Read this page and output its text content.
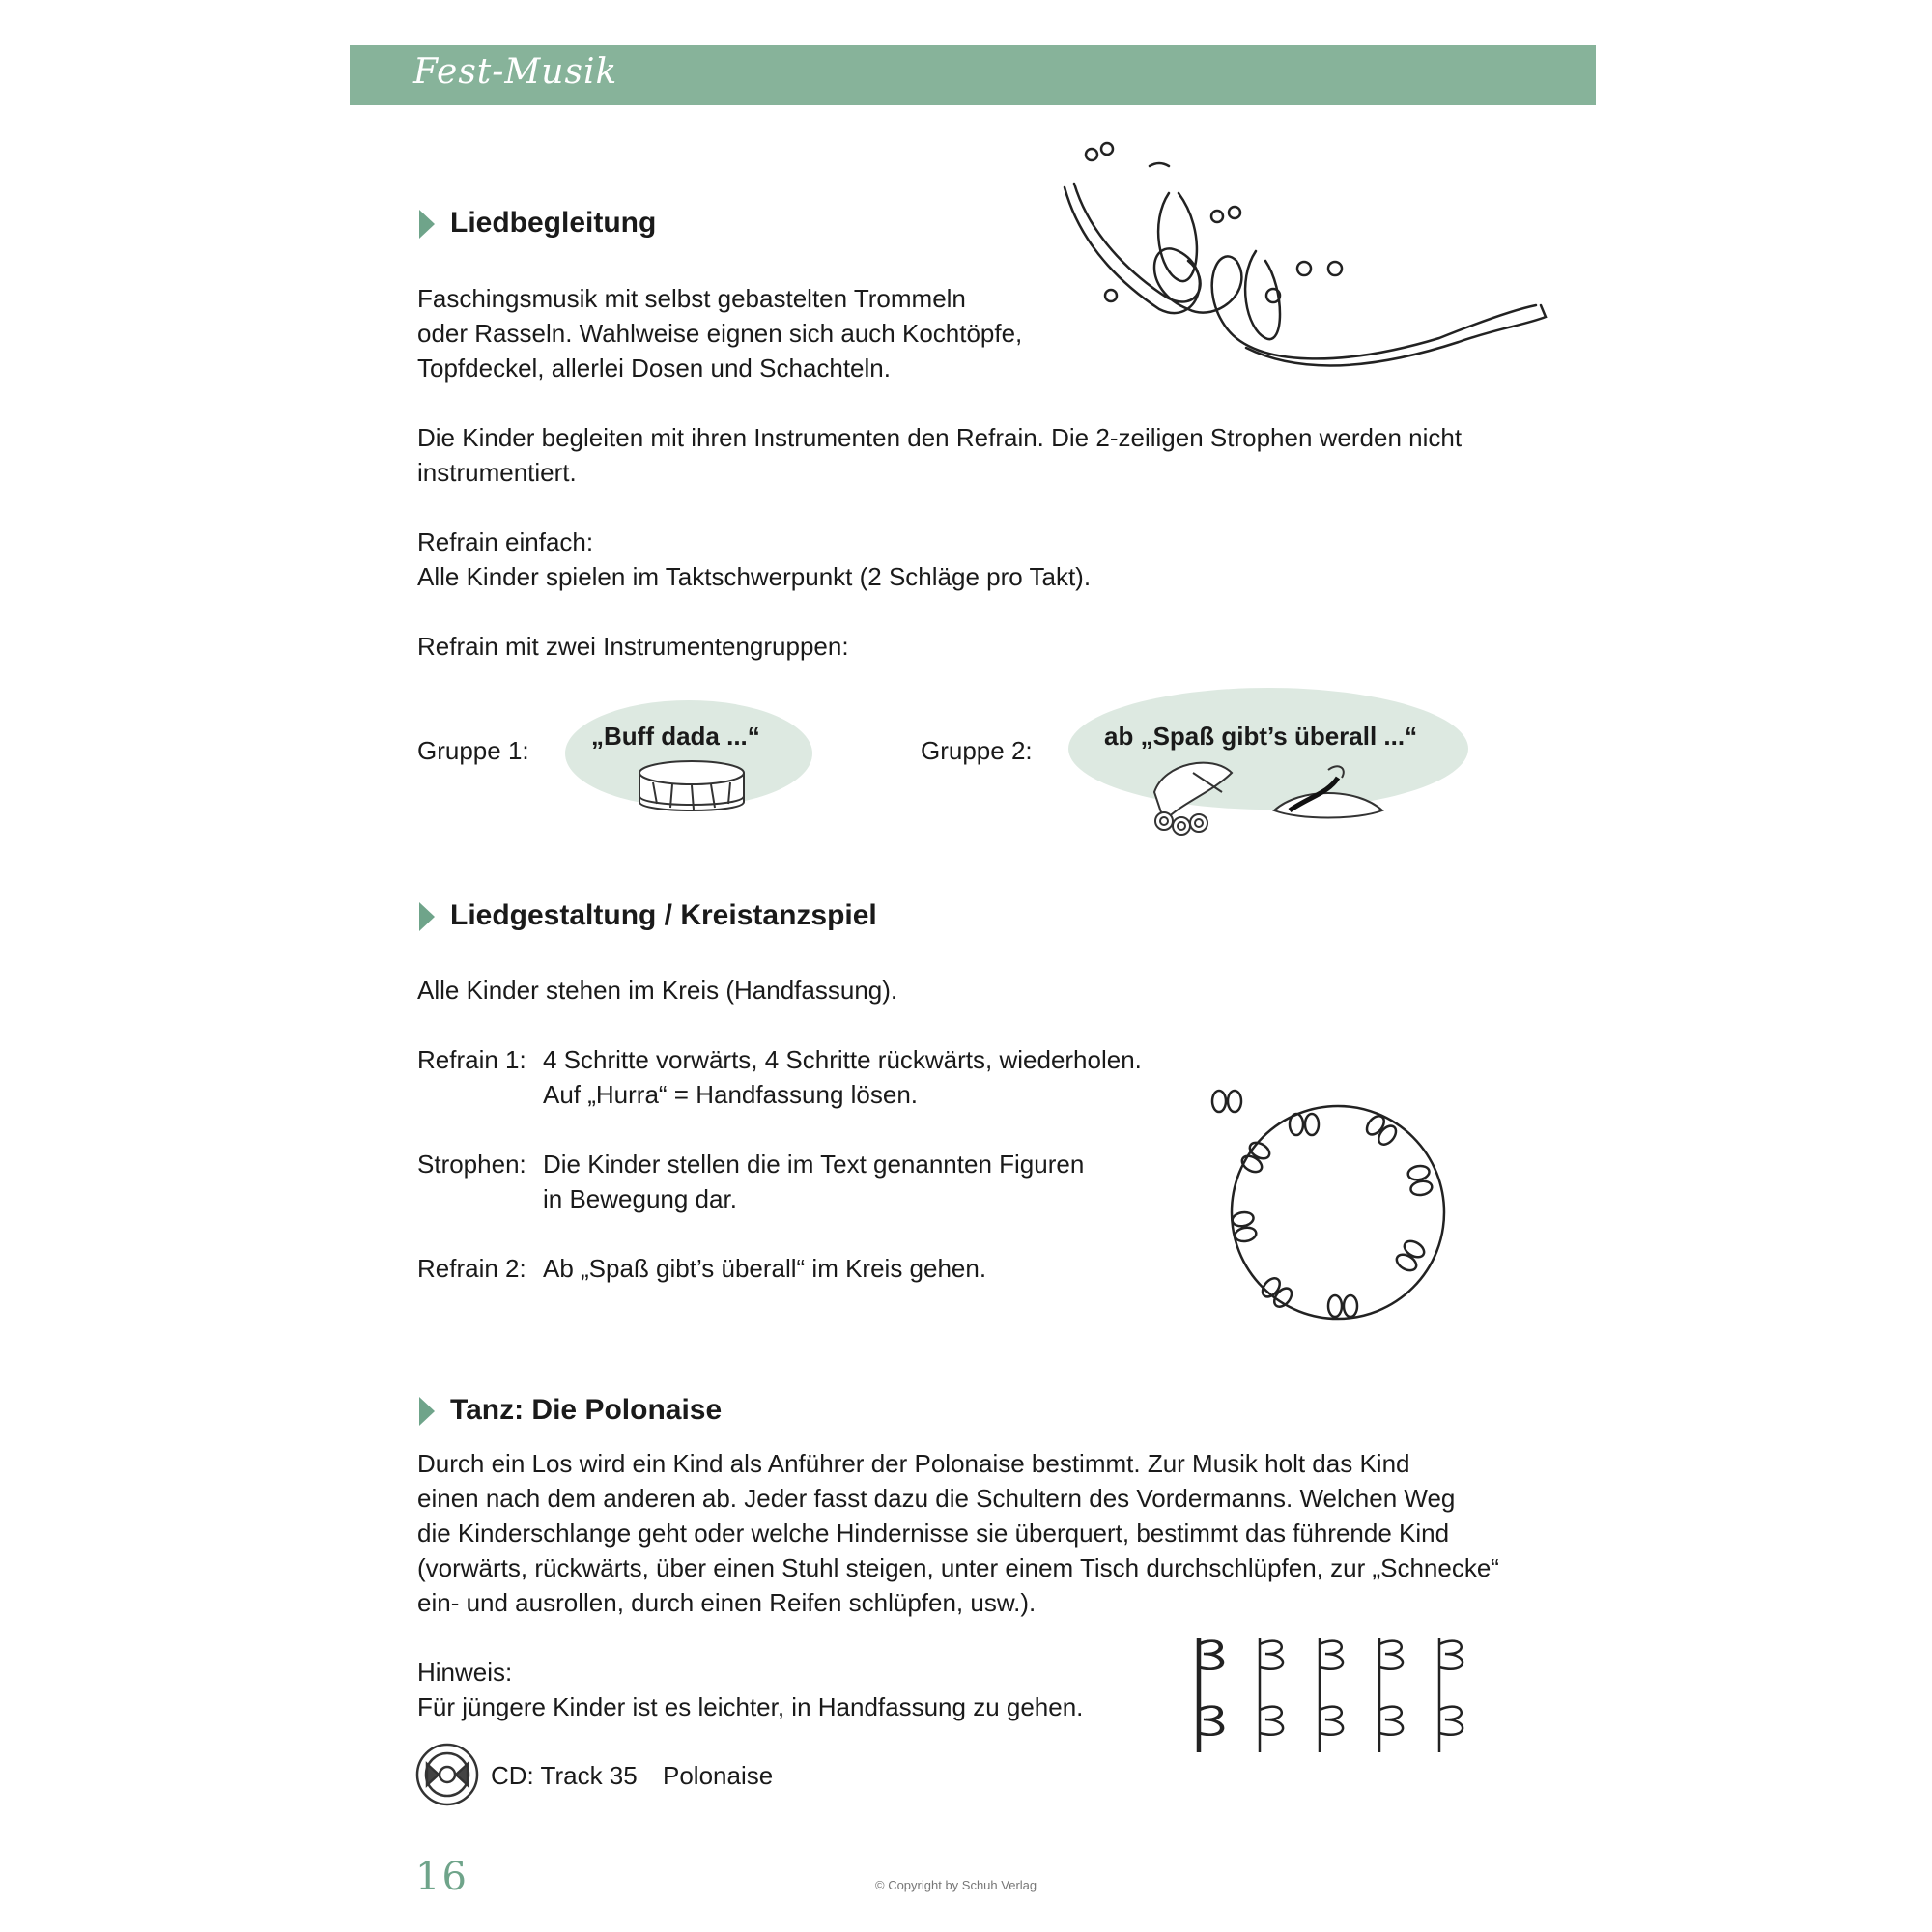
Fest-Musik
Liedbegleitung
Faschingsmusik mit selbst gebastelten Trommeln
oder Rasseln. Wahlweise eignen sich auch Kochtöpfe,
Topfdeckel, allerlei Dosen und Schachteln.
Die Kinder begleiten mit ihren Instrumenten den Refrain. Die 2-zeiligen Strophen werden nicht
instrumentiert.
Refrain einfach:
Alle Kinder spielen im Taktschwerpunkt (2 Schläge pro Takt).
Refrain mit zwei Instrumentengruppen:
Gruppe 1: „Buff dada ...“	Gruppe 2:	ab „Spaß gibt’s überall ...“
Liedgestaltung / Kreistanzspiel
Alle Kinder stehen im Kreis (Handfassung).
Refrain 1: 4 Schritte vorwärts, 4 Schritte rückwärts, wiederholen.
Auf „Hurra“ = Handfassung lösen.
Strophen: Die Kinder stellen die im Text genannten Figuren
in Bewegung dar.
Refrain 2: Ab „Spaß gibt’s überall“ im Kreis gehen.
Tanz: Die Polonaise
Durch ein Los wird ein Kind als Anführer der Polonaise bestimmt. Zur Musik holt das Kind
einen nach dem anderen ab. Jeder fasst dazu die Schultern des Vordermanns. Welchen Weg
die Kinderschlange geht oder welche Hindernisse sie überquert, bestimmt das führende Kind
(vorwärts, rückwärts, über einen Stuhl steigen, unter einem Tisch durchschlüpfen, zur „Schnecke“
ein- und ausrollen, durch einen Reifen schlüpfen, usw.).
Hinweis:
Für jüngere Kinder ist es leichter, in Handfassung zu gehen.
CD: Track 35 Polonaise
16	© Copyright by Schuh Verlag
